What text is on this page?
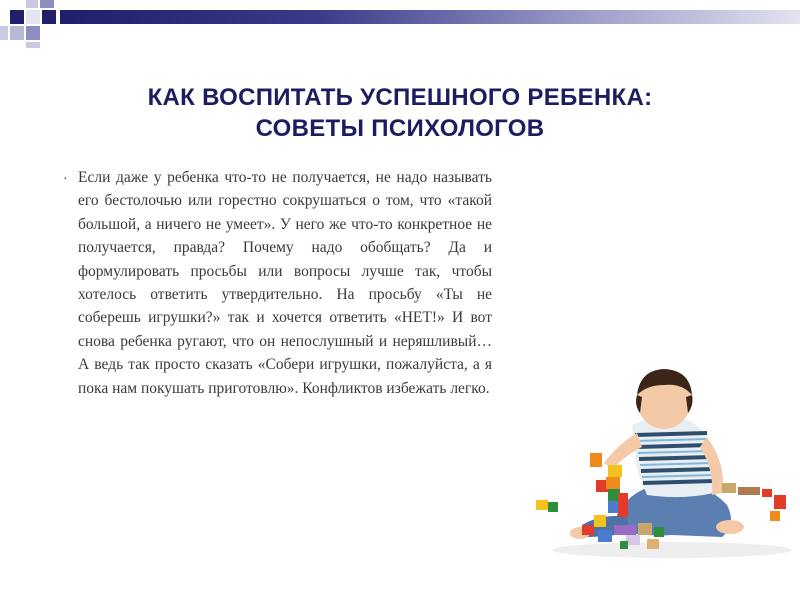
КАК ВОСПИТАТЬ УСПЕШНОГО РЕБЕНКА:
СОВЕТЫ ПСИХОЛОГОВ
· Если даже у ребенка что-то не получается, не надо называть его бестолочью или горестно сокрушаться о том, что «такой большой, а ничего не умеет». У него же что-то конкретное не получается, правда? Почему надо обобщать? Да и формулировать просьбы или вопросы лучше так, чтобы хотелось ответить утвердительно. На просьбу «Ты не соберешь игрушки?» так и хочется ответить «НЕТ!» И вот снова ребенка ругают, что он непослушный и неряшливый… А ведь так просто сказать «Собери игрушки, пожалуйста, а я пока нам покушать приготовлю». Конфликтов избежать легко.
